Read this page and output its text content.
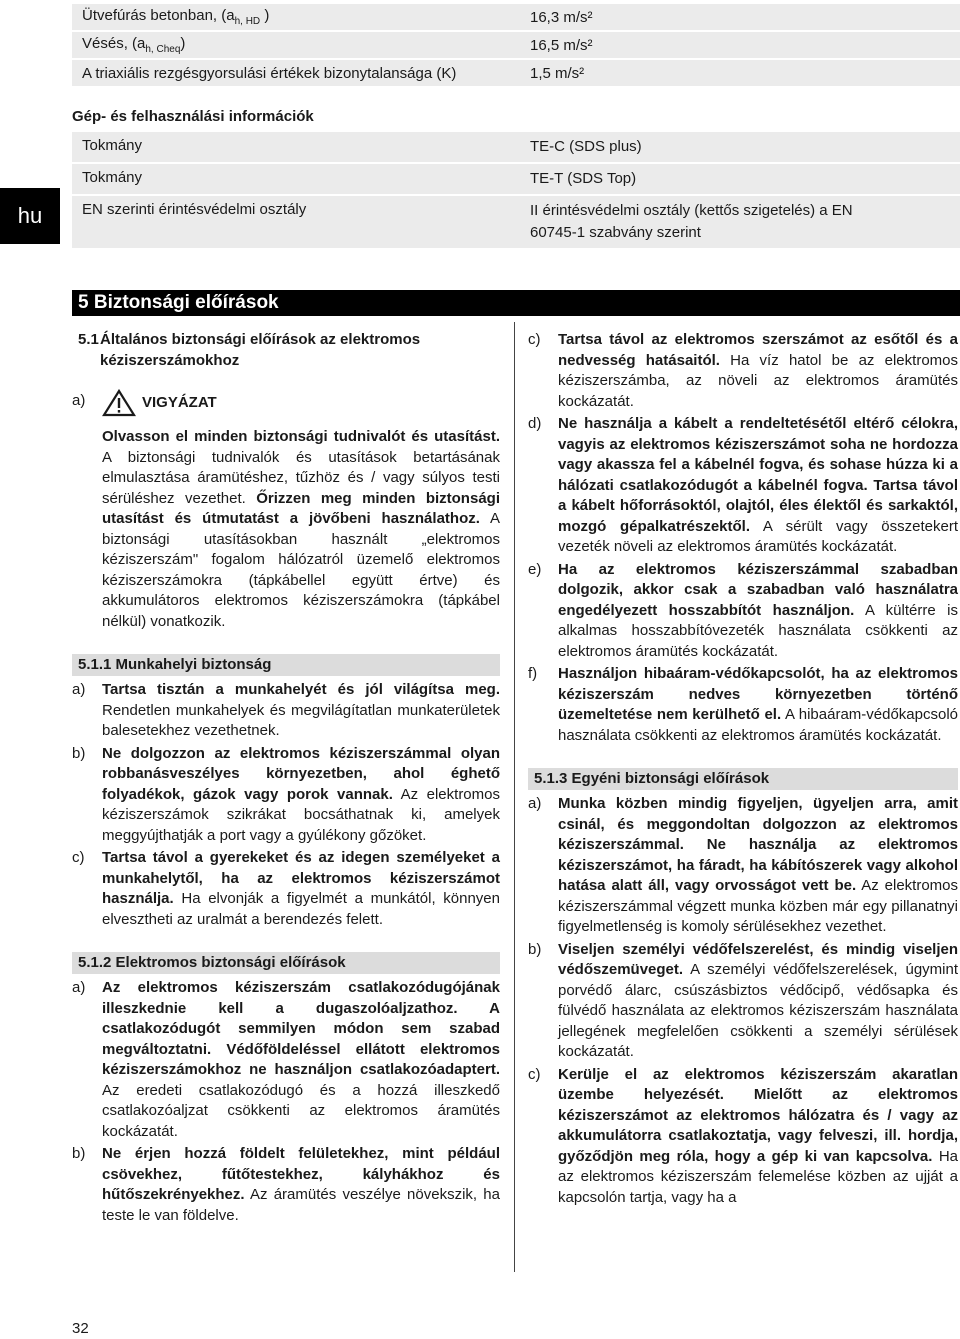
Ütvefúrás betonban, ($a_{h, HD}$ )	16,3 m/s²
Vésés, $(a_{h, Cheq})$	16,5 m/s²
A triaxiális rezgésgyorsulási értékek bizonytalansága (K)	1,5 m/s²
Gép- és felhasználási információk
Tokmány	TE-C (SDS plus)
Tokmány	TE-T (SDS Top)
EN szerinti érintésvédelmi osztály	II érintésvédelmi osztály (kettős szigetelés) a EN 60745-1 szabvány szerint
hu
5 Biztonsági előírások
5.1Általános biztonsági előírások az elektromos kéziszerszámokhoz
a)	VIGYÁZAT
Olvasson el minden biztonsági tudnivalót és utasítást. A biztonsági tudnivalók és utasítások betartásának elmulasztása áramütéshez, tűzhöz és / vagy súlyos testi sérüléshez vezethet. Őrizzen meg minden biztonsági utasítást és útmutatást a jövőbeni használathoz. A biztonsági utasításokban használt „elektromos kéziszerszám" fogalom hálózatról üzemelő elektromos kéziszerszámokra (tápkábellel együtt értve) és akkumulátoros elektromos kéziszerszámokra (tápkábel nélkül) vonatkozik.
5.1.1 Munkahelyi biztonság
a)	Tartsa tisztán a munkahelyét és jól világítsa meg. Rendetlen munkahelyek és megvilágítatlan munkaterületek balesetekhez vezethetnek.
b)	Ne dolgozzon az elektromos kéziszerszámmal olyan robbanásveszélyes környezetben, ahol éghető folyadékok, gázok vagy porok vannak. Az elektromos kéziszerszámok szikrákat bocsáthatnak ki, amelyek meggyújthatják a port vagy a gyúlékony gőzöket.
c)	Tartsa távol a gyerekeket és az idegen személyeket a munkahelytől, ha az elektromos kéziszerszámot használja. Ha elvonják a figyelmét a munkától, könnyen elvesztheti az uralmát a berendezés felett.
5.1.2 Elektromos biztonsági előírások
a)	Az elektromos kéziszerszám csatlakozódugójának illeszkednie kell a dugaszolóaljzathoz. A csatlakozódugót semmilyen módon sem szabad megváltoztatni. Védőföldeléssel ellátott elektromos kéziszerszámokhoz ne használjon csatlakozóadaptert. Az eredeti csatlakozódugó és a hozzá illeszkedő csatlakozóaljzat csökkenti az elektromos áramütés kockázatát.
b)	Ne érjen hozzá földelt felületekhez, mint például csövekhez, fűtőtestekhez, kályhákhoz és hűtőszekrényekhez. Az áramütés veszélye növekszik, ha teste le van földelve.
c)	Tartsa távol az elektromos szerszámot az esőtől és a nedvesség hatásaitól. Ha víz hatol be az elektromos kéziszerszámba, az növeli az elektromos áramütés kockázatát.
d)	Ne használja a kábelt a rendeltetésétől eltérő célokra, vagyis az elektromos kéziszerszámot soha ne hordozza vagy akassza fel a kábelnél fogva, és sohase húzza ki a hálózati csatlakozódugót a kábelnél fogva. Tartsa távol a kábelt hőforrásoktól, olajtól, éles élektől és sarkaktól, mozgó gépalkatrészektől. A sérült vagy összetekert vezeték növeli az elektromos áramütés kockázatát.
e)	Ha az elektromos kéziszerszámmal szabadban dolgozik, akkor csak a szabadban való használatra engedélyezett hosszabbítót használjon. A kültérre is alkalmas hosszabbítóvezeték használata csökkenti az elektromos áramütés kockázatát.
f)	Használjon hibaáram-védőkapcsolót, ha az elektromos kéziszerszám nedves környezetben történő üzemeltetése nem kerülhető el. A hibaáram-védőkapcsoló használata csökkenti az elektromos áramütés kockázatát.
5.1.3 Egyéni biztonsági előírások
a)	Munka közben mindig figyeljen, ügyeljen arra, amit csinál, és meggondoltan dolgozzon az elektromos kéziszerszámmal. Ne használja az elektromos kéziszerszámot, ha fáradt, ha kábítószerek vagy alkohol hatása alatt áll, vagy orvosságot vett be. Az elektromos kéziszerszámmal végzett munka közben már egy pillanatnyi figyelmetlenség is komoly sérülésekhez vezethet.
b)	Viseljen személyi védőfelszerelést, és mindig viseljen védőszemüveget. A személyi védőfelszerelések, úgymint porvédő álarc, csúszásbiztos védőcipő, védősapka és fülvédő használata az elektromos kéziszerszám használata jellegének megfelelően csökkenti a személyi sérülések kockázatát.
c)	Kerülje el az elektromos kéziszerszám akaratlan üzembe helyezését. Mielőtt az elektromos kéziszerszámot az elektromos hálózatra és / vagy az akkumulátorra csatlakoztatja, vagy felveszi, ill. hordja, győződjön meg róla, hogy a gép ki van kapcsolva. Ha az elektromos kéziszerszám felemelése közben az ujját a kapcsolón tartja, vagy ha a
32
